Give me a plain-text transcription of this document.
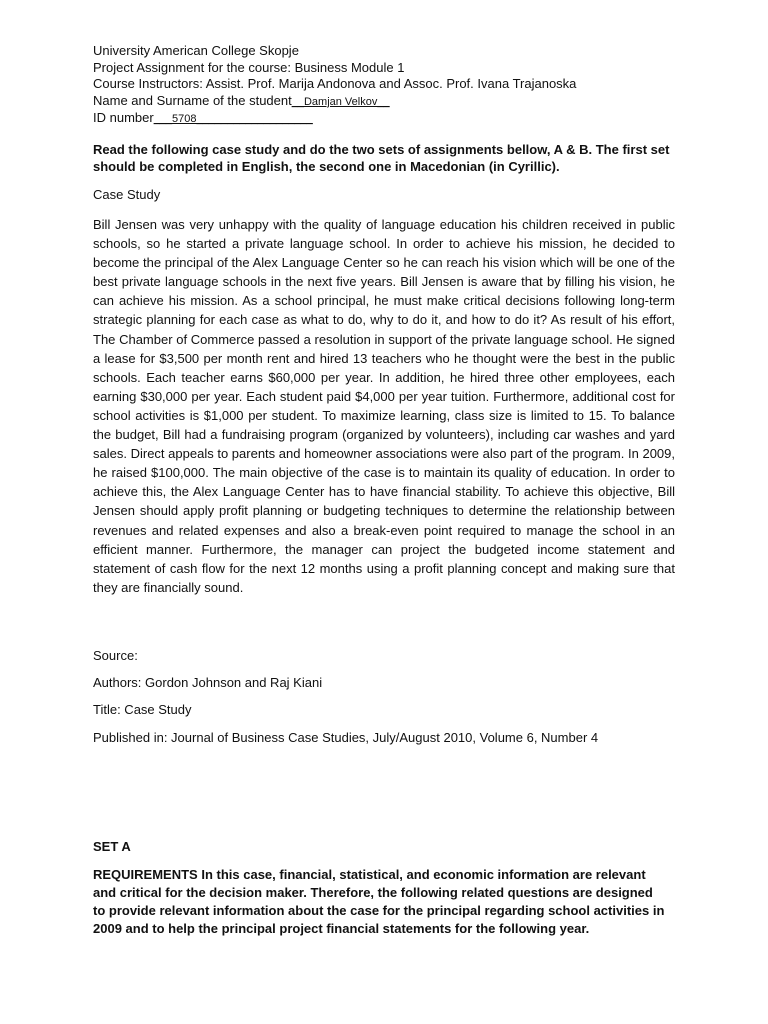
University American College Skopje
Project Assignment for the course: Business Module 1
Course Instructors: Assist. Prof. Marija Andonova and Assoc. Prof. Ivana Trajanoska
Name and Surname of the student__Damjan Velkov__
ID number___5708___________________
Read the following case study and do the two sets of assignments bellow, A & B. The first set should be completed in English, the second one in Macedonian (in Cyrillic).
Case Study
Bill Jensen was very unhappy with the quality of language education his children received in public schools, so he started a private language school. In order to achieve his mission, he decided to become the principal of the Alex Language Center so he can reach his vision which will be one of the best private language schools in the next five years. Bill Jensen is aware that by filling his vision, he can achieve his mission. As a school principal, he must make critical decisions following long-term strategic planning for each case as what to do, why to do it, and how to do it? As result of his effort, The Chamber of Commerce passed a resolution in support of the private language school. He signed a lease for $3,500 per month rent and hired 13 teachers who he thought were the best in the public schools. Each teacher earns $60,000 per year. In addition, he hired three other employees, each earning $30,000 per year. Each student paid $4,000 per year tuition. Furthermore, additional cost for school activities is $1,000 per student. To maximize learning, class size is limited to 15. To balance the budget, Bill had a fundraising program (organized by volunteers), including car washes and yard sales. Direct appeals to parents and homeowner associations were also part of the program. In 2009, he raised $100,000. The main objective of the case is to maintain its quality of education. In order to achieve this, the Alex Language Center has to have financial stability. To achieve this objective, Bill Jensen should apply profit planning or budgeting techniques to determine the relationship between revenues and related expenses and also a break-even point required to manage the school in an efficient manner. Furthermore, the manager can project the budgeted income statement and statement of cash flow for the next 12 months using a profit planning concept and making sure that they are financially sound.
Source:
Authors: Gordon Johnson and Raj Kiani
Title: Case Study
Published in: Journal of Business Case Studies, July/August 2010, Volume 6, Number 4
SET A
REQUIREMENTS In this case, financial, statistical, and economic information are relevant and critical for the decision maker. Therefore, the following related questions are designed to provide relevant information about the case for the principal regarding school activities in 2009 and to help the principal project financial statements for the following year.
